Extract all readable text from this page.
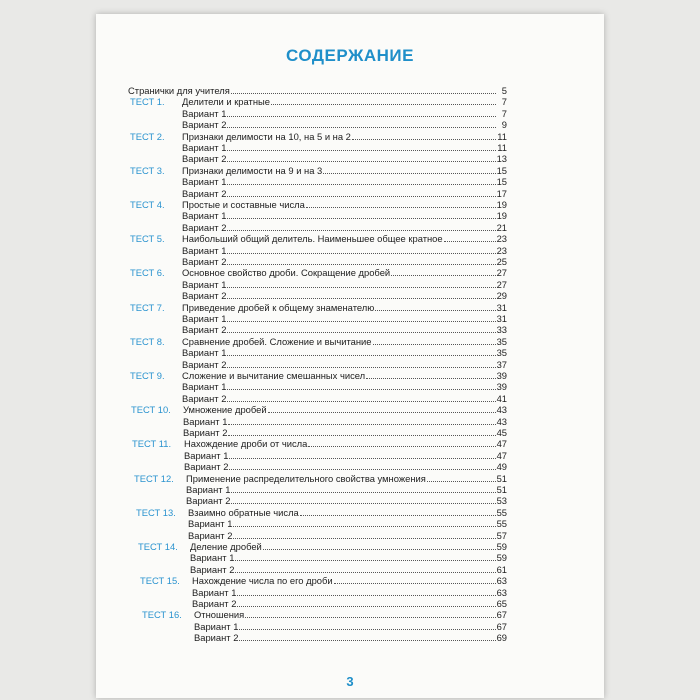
СОДЕРЖАНИЕ
Странички для учителя	5
ТЕСТ 1.	Делители и кратные	7
Вариант 1	7
Вариант 2	9
ТЕСТ 2.	Признаки делимости на 10, на 5 и на 2	11
Вариант 1	11
Вариант 2	13
ТЕСТ 3.	Признаки делимости на 9 и на 3	15
Вариант 1	15
Вариант 2	17
ТЕСТ 4.	Простые и составные числа	19
Вариант 1	19
Вариант 2	21
ТЕСТ 5.	Наибольший общий делитель. Наименьшее общее кратное	23
Вариант 1	23
Вариант 2	25
ТЕСТ 6.	Основное свойство дроби. Сокращение дробей	27
Вариант 1	27
Вариант 2	29
ТЕСТ 7.	Приведение дробей к общему знаменателю	31
Вариант 1	31
Вариант 2	33
ТЕСТ 8.	Сравнение дробей. Сложение и вычитание	35
Вариант 1	35
Вариант 2	37
ТЕСТ 9.	Сложение и вычитание смешанных чисел	39
Вариант 1	39
Вариант 2	41
ТЕСТ 10.	Умножение дробей	43
Вариант 1	43
Вариант 2	45
ТЕСТ 11.	Нахождение дроби от числа	47
Вариант 1	47
Вариант 2	49
ТЕСТ 12.	Применение распределительного свойства умножения	51
Вариант 1	51
Вариант 2	53
ТЕСТ 13.	Взаимно обратные числа	55
Вариант 1	55
Вариант 2	57
ТЕСТ 14.	Деление дробей	59
Вариант 1	59
Вариант 2	61
ТЕСТ 15.	Нахождение числа по его дроби	63
Вариант 1	63
Вариант 2	65
ТЕСТ 16.	Отношения	67
Вариант 1	67
Вариант 2	69
3
